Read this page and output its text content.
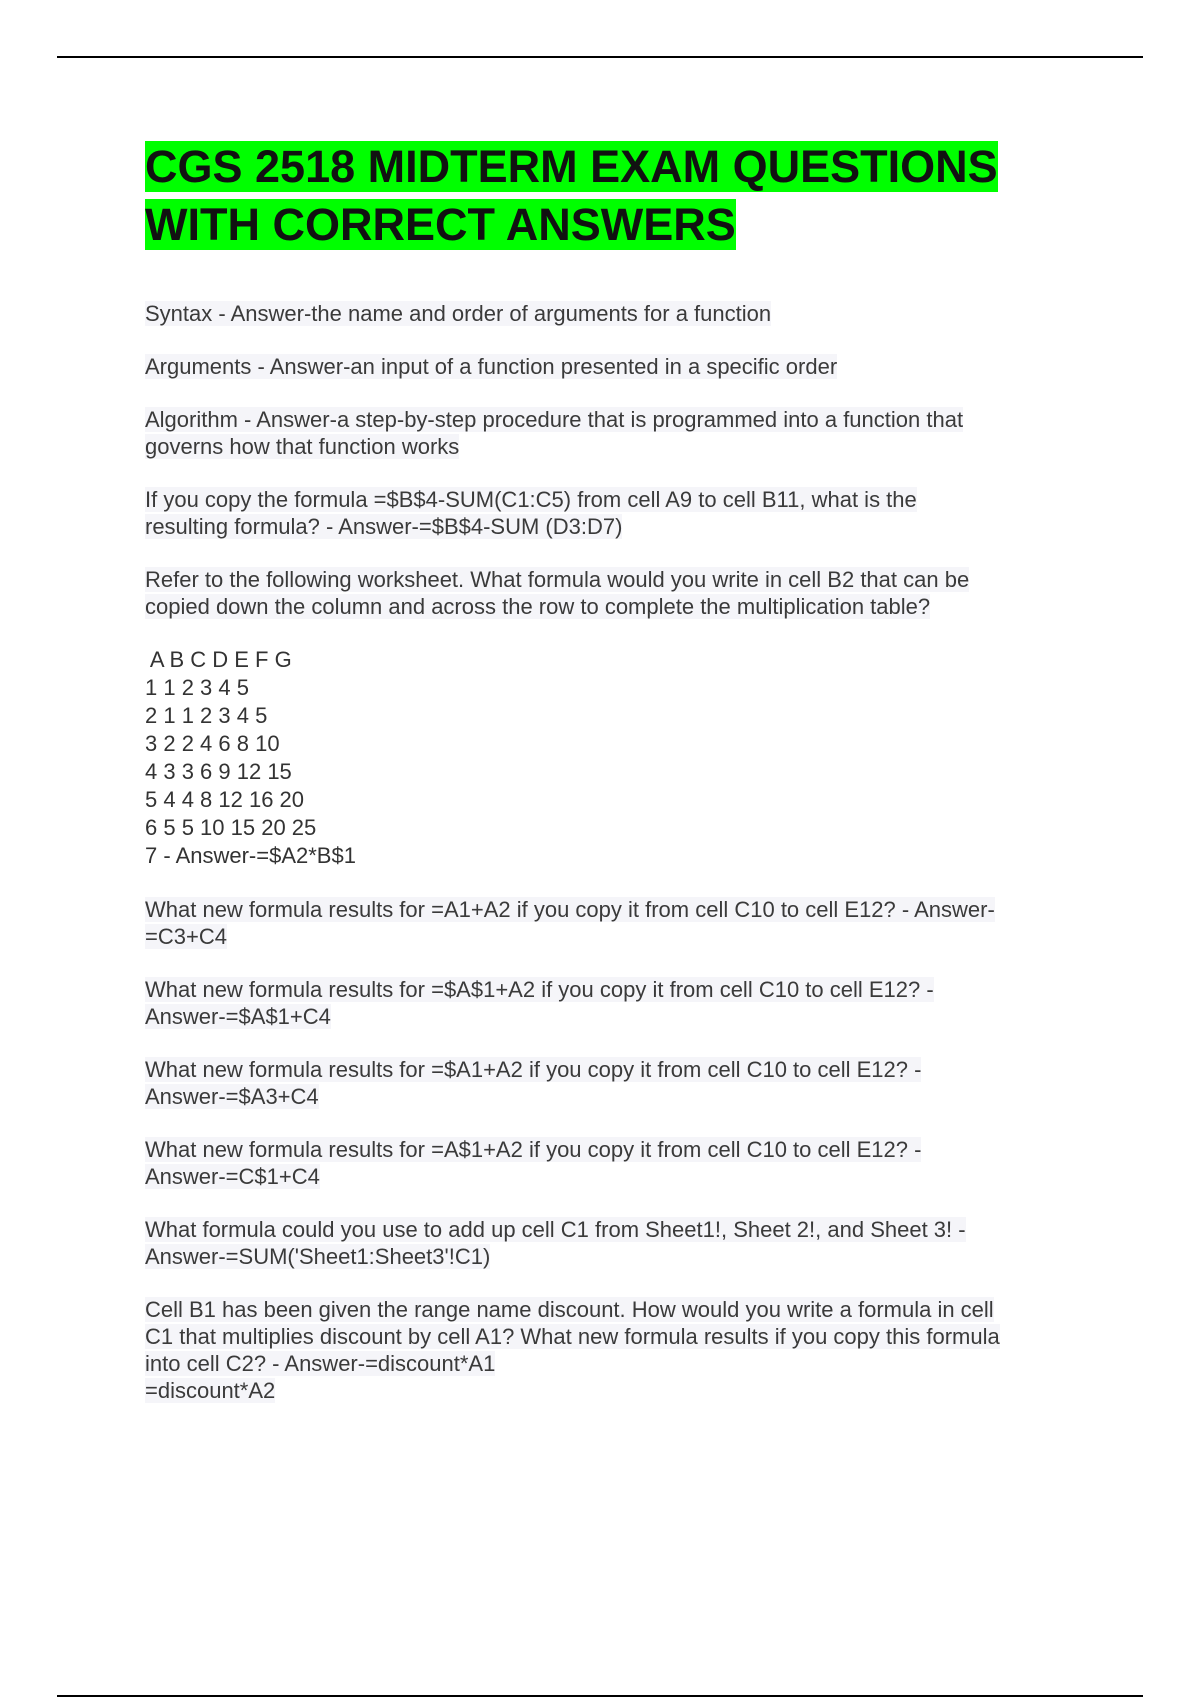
CGS 2518 MIDTERM EXAM QUESTIONS WITH CORRECT ANSWERS

Syntax - Answer-the name and order of arguments for a function

Arguments - Answer-an input of a function presented in a specific order

Algorithm - Answer-a step-by-step procedure that is programmed into a function that
governs how that function works

If you copy the formula =$B$4-SUM(C1:C5) from cell A9 to cell B11, what is the
resulting formula? - Answer-=$B$4-SUM (D3:D7)

Refer to the following worksheet. What formula would you write in cell B2 that can be
copied down the column and across the row to complete the multiplication table?

A B C D E F G
1 1 2 3 4 5
2 1 1 2 3 4 5
3 2 2 4 6 8 10
4 3 3 6 9 12 15
5 4 4 8 12 16 20
6 5 5 10 15 20 25
7 - Answer-=$A2*B$1

What new formula results for =A1+A2 if you copy it from cell C10 to cell E12? - Answer-
=C3+C4

What new formula results for =$A$1+A2 if you copy it from cell C10 to cell E12? -
Answer-=$A$1+C4

What new formula results for =$A1+A2 if you copy it from cell C10 to cell E12? -
Answer-=$A3+C4

What new formula results for =A$1+A2 if you copy it from cell C10 to cell E12? -
Answer-=C$1+C4

What formula could you use to add up cell C1 from Sheet1!, Sheet 2!, and Sheet 3! -
Answer-=SUM('Sheet1:Sheet3'!C1)

Cell B1 has been given the range name discount. How would you write a formula in cell
C1 that multiplies discount by cell A1? What new formula results if you copy this formula
into cell C2? - Answer-=discount*A1
=discount*A2
